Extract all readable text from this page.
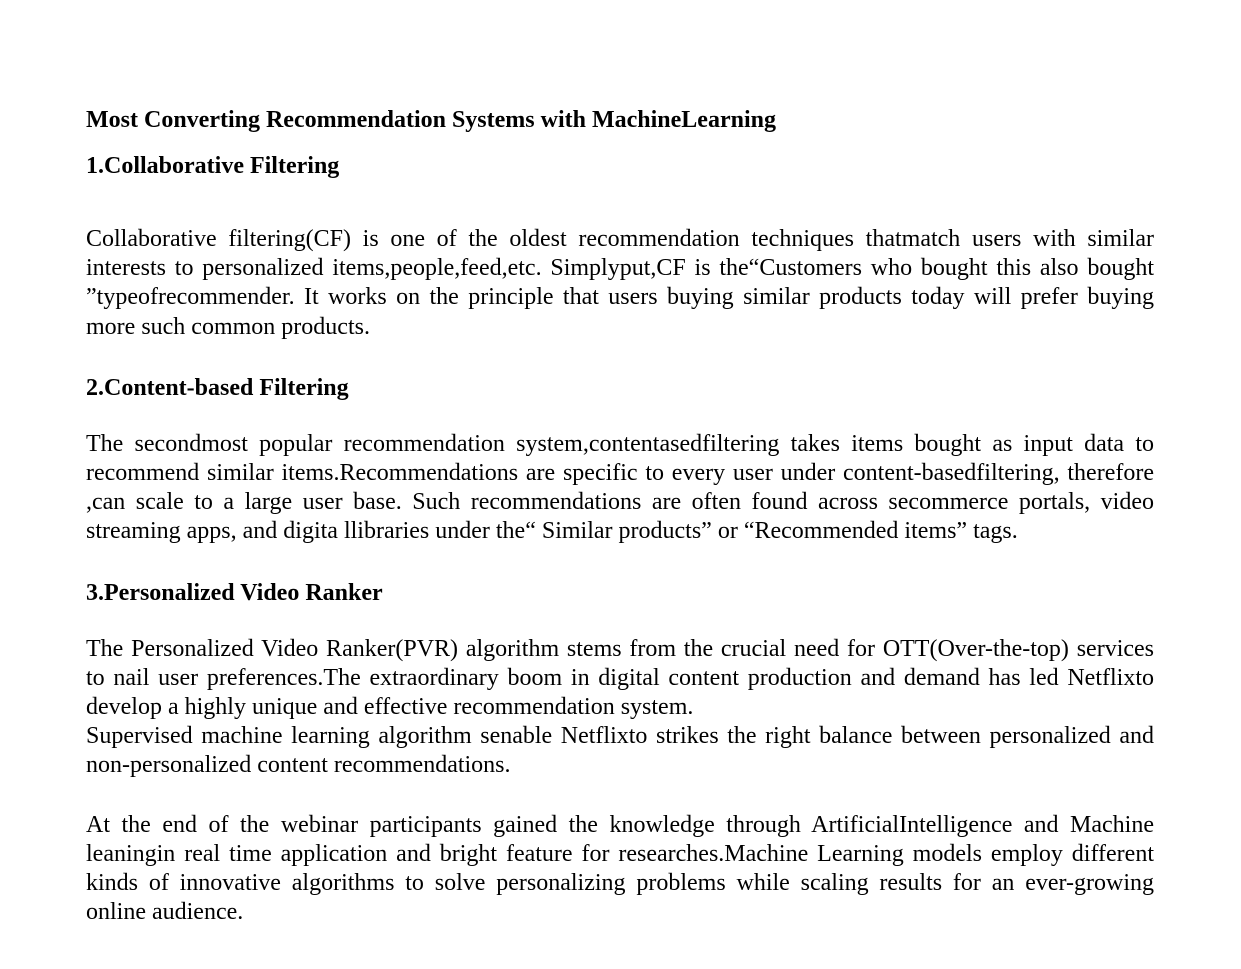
Most Converting Recommendation Systems with MachineLearning
1.Collaborative Filtering

Collaborative filtering(CF) is one of the oldest recommendation techniques thatmatch users with similar interests to personalized items,people,feed,etc. Simplyput,CF is the“Customers who bought this also bought ”typeofrecommender. It works on the principle that users buying similar products today will prefer buying more such common products.

2.Content-based Filtering

The secondmost popular recommendation system,contentasedfiltering takes items bought as input data to recommend similar items.Recommendations are specific to every user under content-basedfiltering, therefore ,can scale to a large user base. Such recommendations are often found across secommerce portals, video streaming apps, and digita llibraries under the“ Similar products” or “Recommended items” tags.

3.Personalized Video Ranker

The Personalized Video Ranker(PVR) algorithm stems from the crucial need for OTT(Over-the-top) services to nail user preferences.The extraordinary boom in digital content production and demand has led Netflixto develop a highly unique and effective recommendation system.

Supervised machine learning algorithm senable Netflixto strikes the right balance between personalized and non-personalized content recommendations.

At the end of the webinar participants gained the knowledge through ArtificialIntelligence and Machine leaningin real time application and bright feature for researches.Machine Learning models employ different kinds of innovative algorithms to solve personalizing problems while scaling results for an ever-growing online audience.
